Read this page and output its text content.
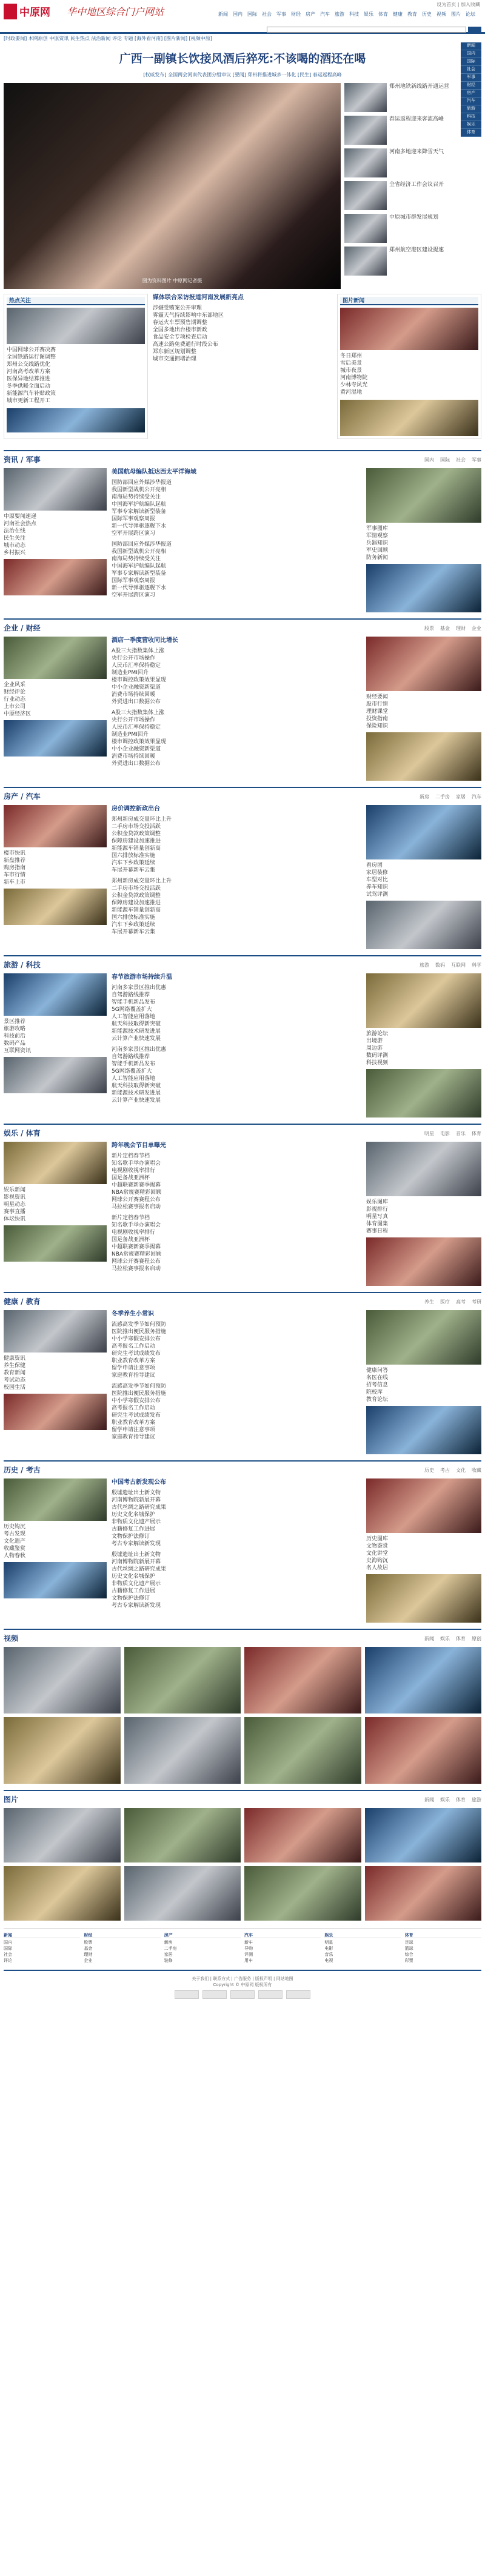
中原网 华中地区综合门户网站
设为首页 | 加入收藏
新闻 国内 国际 社会 军事 财经 房产 汽车 旅游 科技 娱乐 体育 健康 教育 历史 视频 图片 论坛
[时政要闻] 本网原创 中原资讯 民生热点 法治新闻 评论 专题 [海外看河南] [图片新闻] [视频中原]
广西一副镇长饮接风酒后猝死:不该喝的酒还在喝
[权威发布] 全国两会河南代表团分组审议 [要闻] 郑州将推进城乡一体化 [民生] 春运返程高峰
图为资料图片 中原网记者摄
郑州地铁新线路开通运营
春运返程迎来客流高峰
河南多地迎来降雪天气
全省经济工作会议召开
中原城市群发展规划
郑州航空港区建设提速
新闻
国内
国际
社会
军事
财经
房产
汽车
旅游
科技
娱乐
体育
热点关注
中国网球公开赛决赛
全国铁路运行图调整
郑州公交线路优化
河南高考改革方案
医保异地结算推进
冬季供暖全面启动
新能源汽车补贴政策
城市更新工程开工
媒体联合采访报道河南发展新亮点
涉嫌受贿案公开审理
雾霾天气持续影响中东部地区
春运火车票预售期调整
全国多地出台楼市新政
食品安全专项检查启动
高速公路免费通行时段公布
郑东新区规划调整
城市交通拥堵治理
图片新闻
冬日郑州
雪后美景
城市夜景
河南博物院
少林寺风光
黄河湿地
资讯 / 军事	国内 国际 社会 军事
中原要闻速递
河南社会热点
法治在线
民生关注
城市动态
乡村振兴
美国航母编队抵达西太平洋海域
国防部回应外媒涉华报道
我国新型战机公开亮相
南海局势持续受关注
中国海军护航编队起航
军事专家解读新型装备
国际军事观察周报
新一代导弹驱逐舰下水
空军开展跨区演习
国防部回应外媒涉华报道
我国新型战机公开亮相
南海局势持续受关注
中国海军护航编队起航
军事专家解读新型装备
国际军事观察周报
新一代导弹驱逐舰下水
空军开展跨区演习
军事图库
军情观察
兵器知识
军史回顾
防务新闻
企业 / 财经	股票 基金 理财 企业
企业风采
财经评论
行业动态
上市公司
中原经济区
酒店一季度营收同比增长
A股三大指数集体上涨
央行公开市场操作
人民币汇率保持稳定
制造业PMI回升
楼市调控政策效果显现
中小企业融资新渠道
消费市场持续回暖
外贸进出口数据公布
A股三大指数集体上涨
央行公开市场操作
人民币汇率保持稳定
制造业PMI回升
楼市调控政策效果显现
中小企业融资新渠道
消费市场持续回暖
外贸进出口数据公布
财经要闻
股市行情
理财课堂
投资指南
保险知识
房产 / 汽车	新房 二手房 家居 汽车
楼市快讯
新盘推荐
购房指南
车市行情
新车上市
房价调控新政出台
郑州新房成交量环比上升
二手房市场交投活跃
公积金贷款政策调整
保障房建设加速推进
新能源车销量创新高
国六排放标准实施
汽车下乡政策延续
车展开幕新车云集
郑州新房成交量环比上升
二手房市场交投活跃
公积金贷款政策调整
保障房建设加速推进
新能源车销量创新高
国六排放标准实施
汽车下乡政策延续
车展开幕新车云集
看房团
家居装修
车型对比
养车知识
试驾评测
旅游 / 科技	旅游 数码 互联网 科学
景区推荐
旅游攻略
科技前沿
数码产品
互联网资讯
春节旅游市场持续升温
河南多家景区推出优惠
自驾游路线推荐
智能手机新品发布
5G网络覆盖扩大
人工智能应用落地
航天科技取得新突破
新能源技术研发进展
云计算产业快速发展
河南多家景区推出优惠
自驾游路线推荐
智能手机新品发布
5G网络覆盖扩大
人工智能应用落地
航天科技取得新突破
新能源技术研发进展
云计算产业快速发展
旅游论坛
出境游
周边游
数码评测
科技视频
娱乐 / 体育	明星 电影 音乐 体育
娱乐新闻
影视资讯
明星动态
赛事直播
体坛快讯
跨年晚会节目单曝光
新片定档春节档
知名歌手举办演唱会
电视剧收视率排行
国足备战亚洲杯
中超联赛新赛季揭幕
NBA常规赛精彩回顾
网球公开赛赛程公布
马拉松赛事报名启动
新片定档春节档
知名歌手举办演唱会
电视剧收视率排行
国足备战亚洲杯
中超联赛新赛季揭幕
NBA常规赛精彩回顾
网球公开赛赛程公布
马拉松赛事报名启动
娱乐图库
影视排行
明星写真
体育图集
赛事日程
健康 / 教育	养生 医疗 高考 考研
健康资讯
养生保健
教育新闻
考试动态
校园生活
冬季养生小常识
流感高发季节如何预防
医院推出便民服务措施
中小学寒假安排公布
高考报名工作启动
研究生考试成绩发布
职业教育改革方案
留学申请注意事项
家庭教育指导建议
流感高发季节如何预防
医院推出便民服务措施
中小学寒假安排公布
高考报名工作启动
研究生考试成绩发布
职业教育改革方案
留学申请注意事项
家庭教育指导建议
健康问答
名医在线
招考信息
院校库
教育论坛
历史 / 考古	历史 考古 文化 收藏
历史钩沉
考古发现
文化遗产
收藏鉴赏
人物春秋
中国考古新发现公布
殷墟遗址出土新文物
河南博物院新展开幕
古代丝绸之路研究成果
历史文化名城保护
非物质文化遗产展示
古籍修复工作进展
文物保护法修订
考古专家解读新发现
殷墟遗址出土新文物
河南博物院新展开幕
古代丝绸之路研究成果
历史文化名城保护
非物质文化遗产展示
古籍修复工作进展
文物保护法修订
考古专家解读新发现
历史图库
文物鉴赏
文化讲堂
史海钩沉
名人故居
视频	新闻 娱乐 体育 原创
图片	新闻 娱乐 体育 旅游
新闻
国内
国际
社会
评论
财经
股票
基金
理财
企业
房产
新房
二手房
家居
装修
汽车
新车
导购
评测
用车
娱乐
明星
电影
音乐
电视
体育
足球
篮球
综合
彩票
关于我们 | 联系方式 | 广告服务 | 版权声明 | 网站地图
Copyright © 中原网 版权所有
